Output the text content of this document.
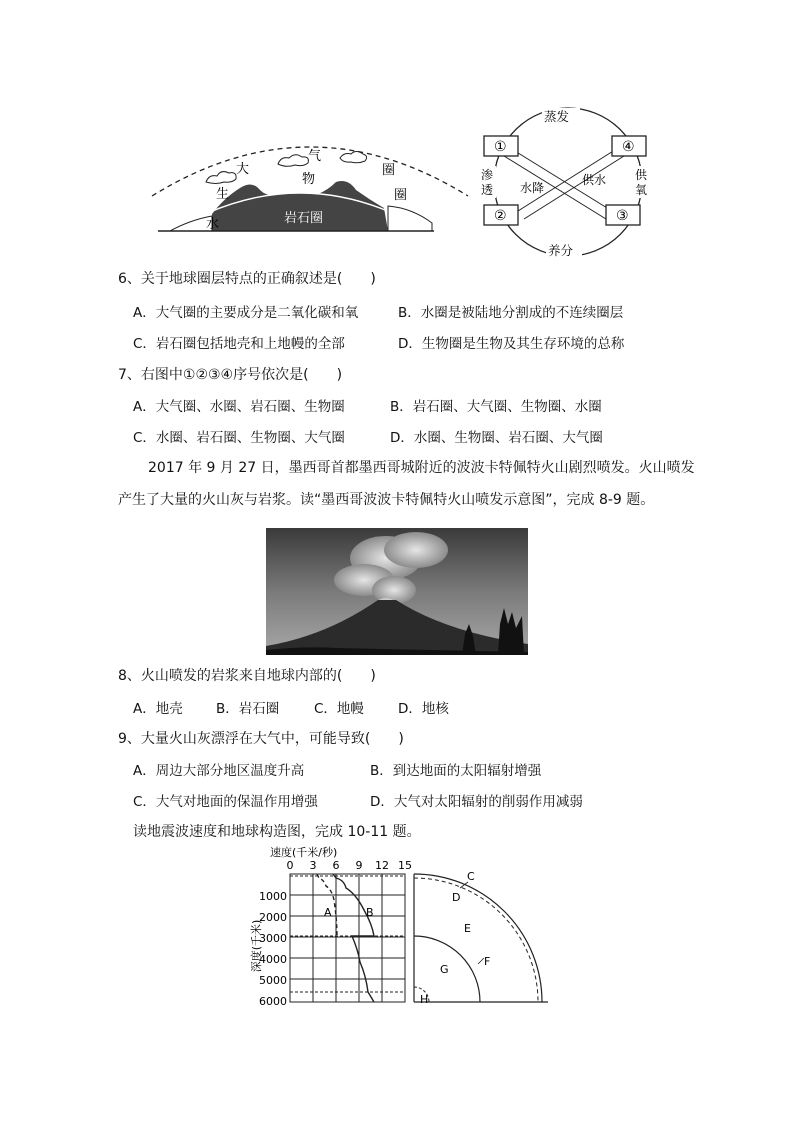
大
气
圈
生
物
圈
水	岩石圈
①
②	③
④
蒸发
养分
渗
透
供
氧
水降
供水
6、关于地球圈层特点的正确叙述是(　　)
A．大气圈的主要成分是二氧化碳和氧	B．水圈是被陆地分割成的不连续圈层
C．岩石圈包括地壳和上地幔的全部	D．生物圈是生物及其生存环境的总称
7、右图中①②③④序号依次是(　　)
A．大气圈、水圈、岩石圈、生物圈	B．岩石圈、大气圈、生物圈、水圈
C．水圈、岩石圈、生物圈、大气圈	D．水圈、生物圈、岩石圈、大气圈
2017 年 9 月 27 日，墨西哥首都墨西哥城附近的波波卡特佩特火山剧烈喷发。火山喷发
产生了大量的火山灰与岩浆。读“墨西哥波波卡特佩特火山喷发示意图”，完成 8-9 题。
8、火山喷发的岩浆来自地球内部的(　　)
A．地壳 B．岩石圈	C．地幔	D．地核
9、大量火山灰漂浮在大气中，可能导致(　　)
A．周边大部分地区温度升高	B．到达地面的太阳辐射增强
C．大气对地面的保温作用增强	D．大气对太阳辐射的削弱作用减弱
读地震波速度和地球构造图，完成 10-11 题。
速度(千米/秒)
0 3 6 9 12 15
深度(千米)
1000
2000
3000
4000
5000
6000
A	B
C
D
E
F
G
H
